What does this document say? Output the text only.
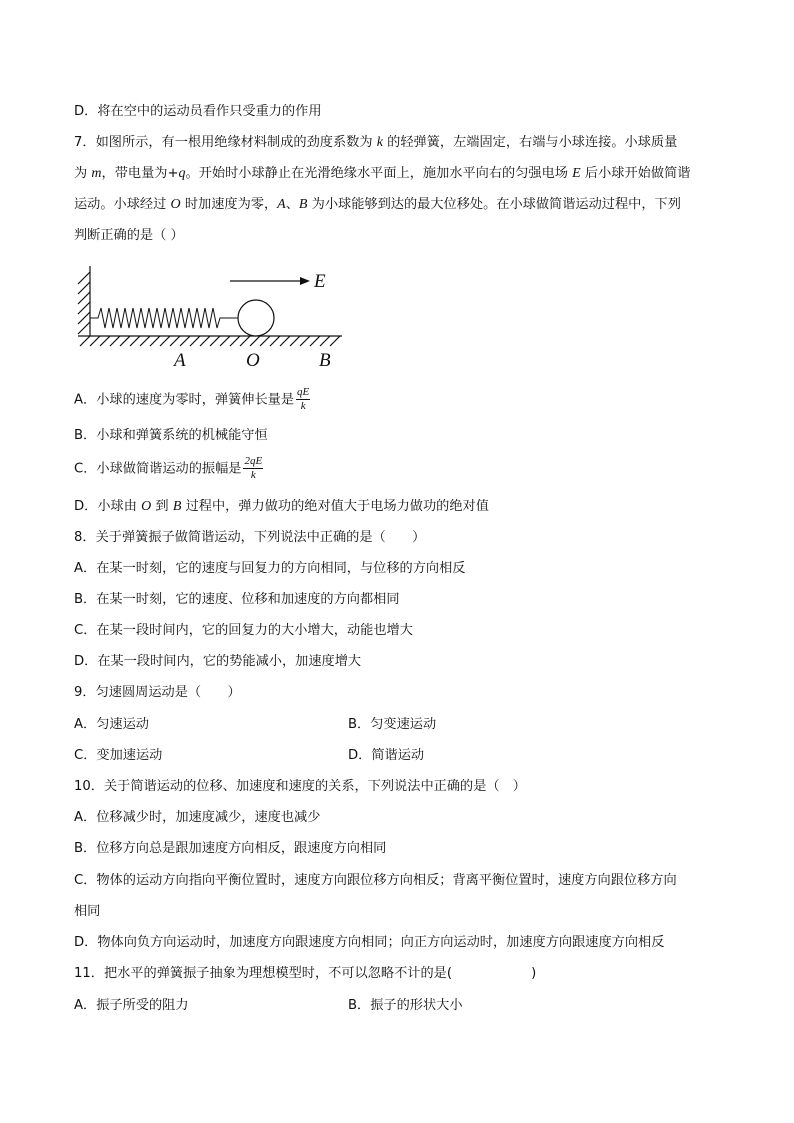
D．将在空中的运动员看作只受重力的作用
7．如图所示，有一根用绝缘材料制成的劲度系数为 k 的轻弹簧，左端固定，右端与小球连接。小球质量
为 m，带电量为+q。开始时小球静止在光滑绝缘水平面上，施加水平向右的匀强电场 E 后小球开始做简谐
运动。小球经过 O 时加速度为零，A、B 为小球能够到达的最大位移处。在小球做简谐运动过程中，下列
判断正确的是（ ）
E
A	O	B
A．小球的速度为零时，弹簧伸长量是 $\frac{qE}{k}$
B．小球和弹簧系统的机械能守恒
C．小球做简谐运动的振幅是 $\frac{2qE}{k}$
D．小球由 O 到 B 过程中，弹力做功的绝对值大于电场力做功的绝对值
8．关于弹簧振子做简谐运动，下列说法中正确的是（　　）
A．在某一时刻，它的速度与回复力的方向相同，与位移的方向相反
B．在某一时刻，它的速度、位移和加速度的方向都相同
C．在某一段时间内，它的回复力的大小增大，动能也增大
D．在某一段时间内，它的势能减小，加速度增大
9．匀速圆周运动是（　　）
A．匀速运动	B．匀变速运动
C．变加速运动	D．简谐运动
10．关于简谐运动的位移、加速度和速度的关系，下列说法中正确的是（　）
A．位移减少时，加速度减少，速度也减少
B．位移方向总是跟加速度方向相反，跟速度方向相同
C．物体的运动方向指向平衡位置时，速度方向跟位移方向相反；背离平衡位置时，速度方向跟位移方向
相同
D．物体向负方向运动时，加速度方向跟速度方向相同；向正方向运动时，加速度方向跟速度方向相反
11．把水平的弹簧振子抽象为理想模型时，不可以忽略不计的是(　　　　　　)
A．振子所受的阻力	B．振子的形状大小
